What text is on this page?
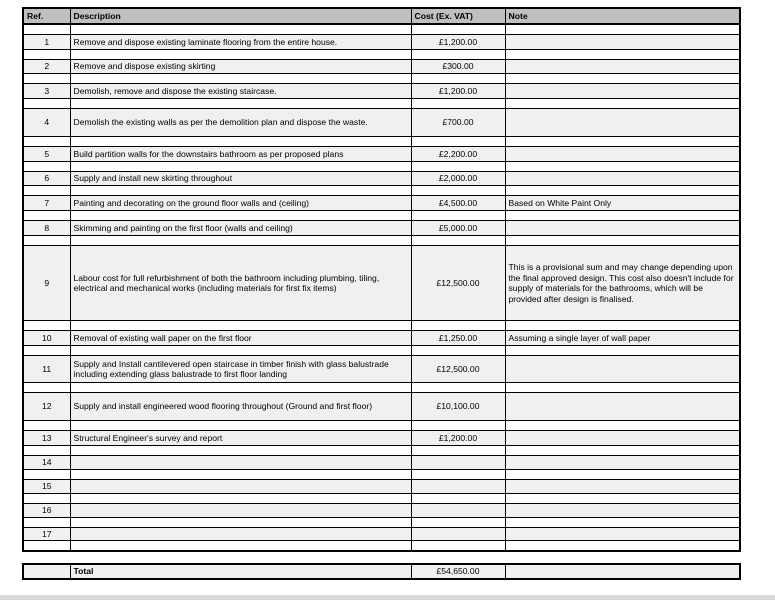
Ref.	Description	Cost (Ex. VAT)	Note

1	Remove and dispose existing laminate flooring from the entire house.	£1,200.00	

2	Remove and dispose existing skirting	£300.00	

3	Demolish, remove and dispose the existing staircase.	£1,200.00	

4	Demolish the existing walls as per the demolition plan and dispose the waste.	£700.00	

5	Build partition walls for the downstairs bathroom as per proposed plans	£2,200.00	

6	Supply and install new skirting throughout	£2,000.00	

7	Painting and decorating on the ground floor walls and (ceiling)	£4,500.00	Based on White Paint Only

8	Skimming and painting on the first floor (walls and ceiling)	£5,000.00	

9	Labour cost for full refurbishment of both the bathroom including plumbing, tiling, electrical and mechanical works (including materials for first fix items)	£12,500.00	This is a provisional sum and may change depending upon the final approved design. This cost also doesn't include for supply of materials for the bathrooms, which will be provided after design is finalised.

10	Removal of existing wall paper on the first floor	£1,250.00	Assuming a single layer of wall paper

11	Supply and Install cantilevered open staircase in timber finish with glass balustrade including extending glass balustrade to first floor landing	£12,500.00	

12	Supply and install engineered wood flooring throughout (Ground and first floor)	£10,100.00	

13	Structural Engineer's survey and report	£1,200.00	

14			

15			

16			

17			

	Total	£54,650.00	
